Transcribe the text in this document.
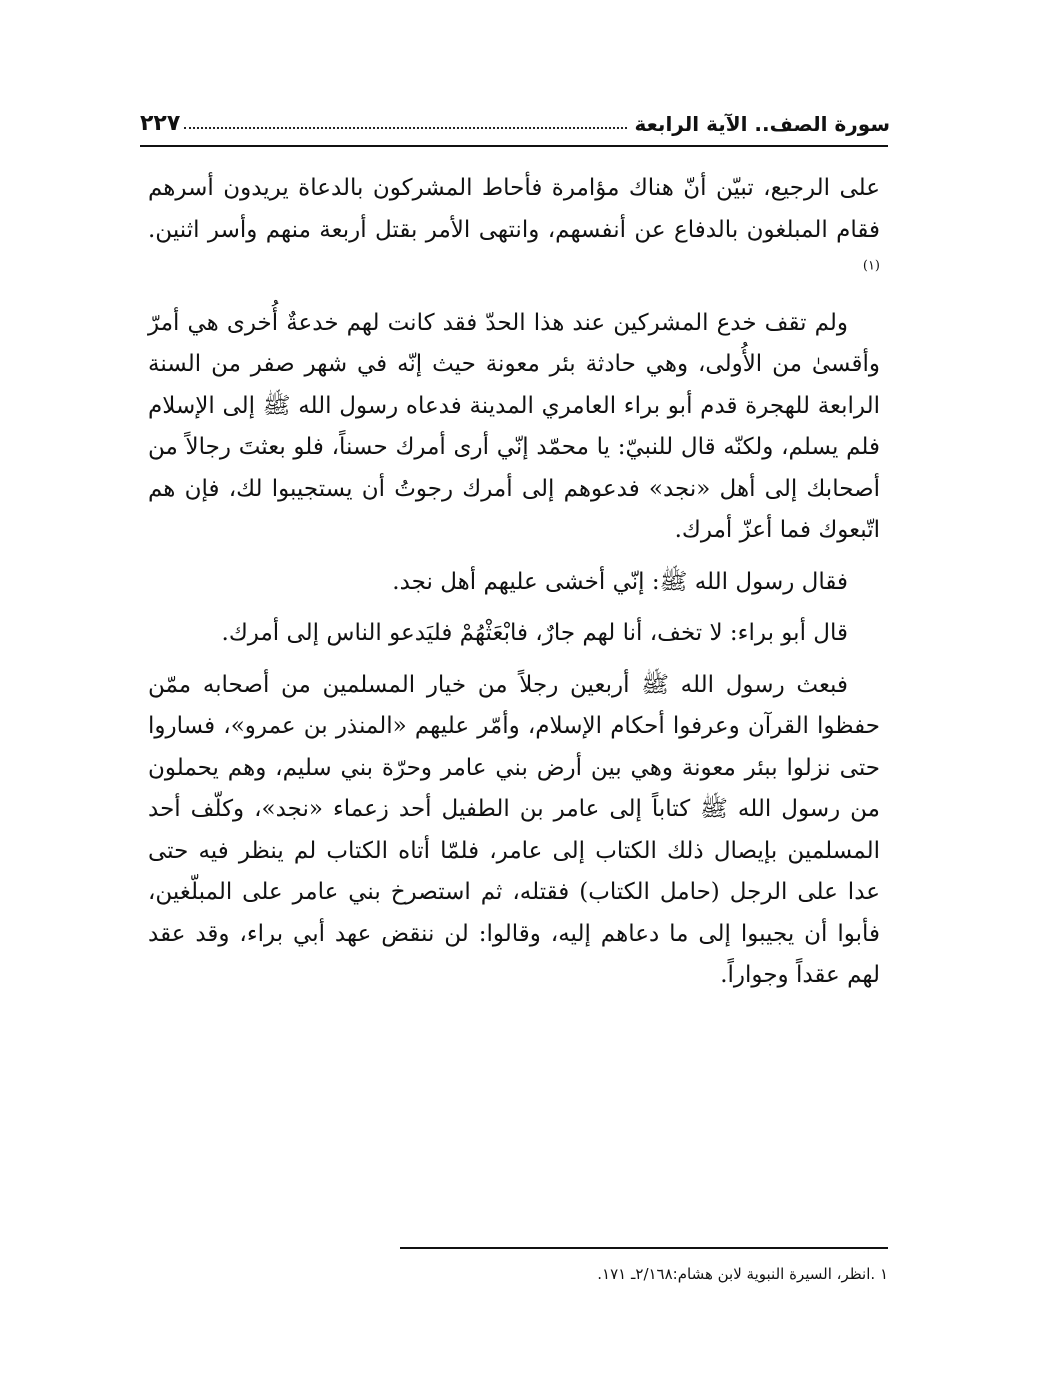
سورة الصف.. الآية الرابعة
٢٢٧

على الرجيع، تبيّن أنّ هناك مؤامرة فأحاط المشركون بالدعاة يريدون أسرهم فقام المبلغون بالدفاع عن أنفسهم، وانتهى الأمر بقتل أربعة منهم وأسر اثنين.$^{(١)}$

ولم تقف خدع المشركين عند هذا الحدّ فقد كانت لهم خدعةٌ أُخرى هي أمرّ وأقسىٰ من الأُولى، وهي حادثة بئر معونة حيث إنّه في شهر صفر من السنة الرابعة للهجرة قدم أبو براء العامري المدينة فدعاه رسول الله ﷺ إلى الإسلام فلم يسلم، ولكنّه قال للنبيّ: يا محمّد إنّي أرى أمرك حسناً، فلو بعثتَ رجالاً من أصحابك إلى أهل «نجد» فدعوهم إلى أمرك رجوتُ أن يستجيبوا لك، فإن هم اتّبعوك فما أعزّ أمرك.

فقال رسول الله ﷺ: إنّي أخشى عليهم أهل نجد.

قال أبو براء: لا تخف، أنا لهم جارٌ، فابْعَثْهُمْ فليَدعو الناس إلى أمرك.

فبعث رسول الله ﷺ أربعين رجلاً من خيار المسلمين من أصحابه ممّن حفظوا القرآن وعرفوا أحكام الإسلام، وأمّر عليهم «المنذر بن عمرو»، فساروا حتى نزلوا ببئر معونة وهي بين أرض بني عامر وحرّة بني سليم، وهم يحملون من رسول الله ﷺ كتاباً إلى عامر بن الطفيل أحد زعماء «نجد»، وكلّف أحد المسلمين بإيصال ذلك الكتاب إلى عامر، فلمّا أتاه الكتاب لم ينظر فيه حتى عدا على الرجل (حامل الكتاب) فقتله، ثم استصرخ بني عامر على المبلّغين، فأبوا أن يجيبوا إلى ما دعاهم إليه، وقالوا: لن ننقض عهد أبي براء، وقد عقد لهم عقداً وجواراً.

١ .انظر، السيرة النبوية لابن هشام:٢/١٦٨ـ ١٧١.
